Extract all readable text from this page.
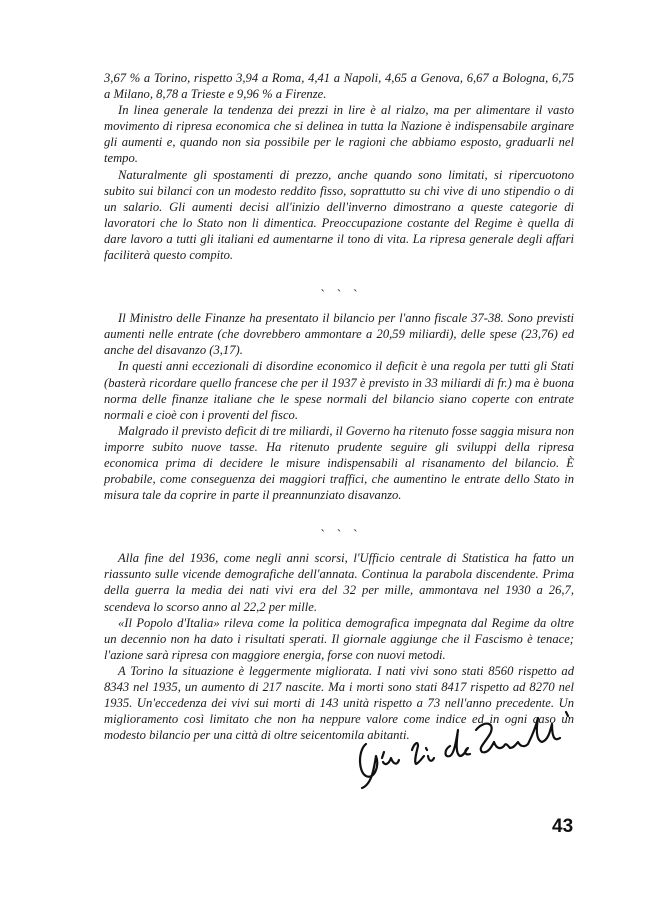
3,67 % a Torino, rispetto 3,94 a Roma, 4,41 a Napoli, 4,65 a Genova, 6,67 a Bologna, 6,75 a Milano, 8,78 a Trieste e 9,96 % a Firenze.

In linea generale la tendenza dei prezzi in lire è al rialzo, ma per alimentare il vasto movimento di ripresa economica che si delinea in tutta la Nazione è indispensabile arginare gli aumenti e, quando non sia possibile per le ragioni che abbiamo esposto, graduarli nel tempo.

Naturalmente gli spostamenti di prezzo, anche quando sono limitati, si ripercuotono subito sui bilanci con un modesto reddito fisso, soprattutto su chi vive di uno stipendio o di un salario. Gli aumenti decisi all'inizio dell'inverno dimostrano a queste categorie di lavoratori che lo Stato non li dimentica. Preoccupazione costante del Regime è quella di dare lavoro a tutti gli italiani ed aumentarne il tono di vita. La ripresa generale degli affari faciliterà questo compito.

ˎˎˎ

Il Ministro delle Finanze ha presentato il bilancio per l'anno fiscale 37-38. Sono previsti aumenti nelle entrate (che dovrebbero ammontare a 20,59 miliardi), delle spese (23,76) ed anche del disavanzo (3,17).

In questi anni eccezionali di disordine economico il deficit è una regola per tutti gli Stati (basterà ricordare quello francese che per il 1937 è previsto in 33 miliardi di fr.) ma è buona norma delle finanze italiane che le spese normali del bilancio siano coperte con entrate normali e cioè con i proventi del fisco.

Malgrado il previsto deficit di tre miliardi, il Governo ha ritenuto fosse saggia misura non imporre subito nuove tasse. Ha ritenuto prudente seguire gli sviluppi della ripresa economica prima di decidere le misure indispensabili al risanamento del bilancio. È probabile, come conseguenza dei maggiori traffici, che aumentino le entrate dello Stato in misura tale da coprire in parte il preannunziato disavanzo.

ˎˎˎ

Alla fine del 1936, come negli anni scorsi, l'Ufficio centrale di Statistica ha fatto un riassunto sulle vicende demografiche dell'annata. Continua la parabola discendente. Prima della guerra la media dei nati vivi era del 32 per mille, ammontava nel 1930 a 26,7, scendeva lo scorso anno al 22,2 per mille.

«Il Popolo d'Italia» rileva come la politica demografica impegnata dal Regime da oltre un decennio non ha dato i risultati sperati. Il giornale aggiunge che il Fascismo è tenace; l'azione sarà ripresa con maggiore energia, forse con nuovi metodi.

A Torino la situazione è leggermente migliorata. I nati vivi sono stati 8560 rispetto ad 8343 nel 1935, un aumento di 217 nascite. Ma i morti sono stati 8417 rispetto ad 8270 nel 1935. Un'eccedenza dei vivi sui morti di 143 unità rispetto a 73 nell'anno precedente. Un miglioramento così limitato che non ha neppure valore come indice ed in ogni caso un modesto bilancio per una città di oltre seicentomila abitanti.

43
